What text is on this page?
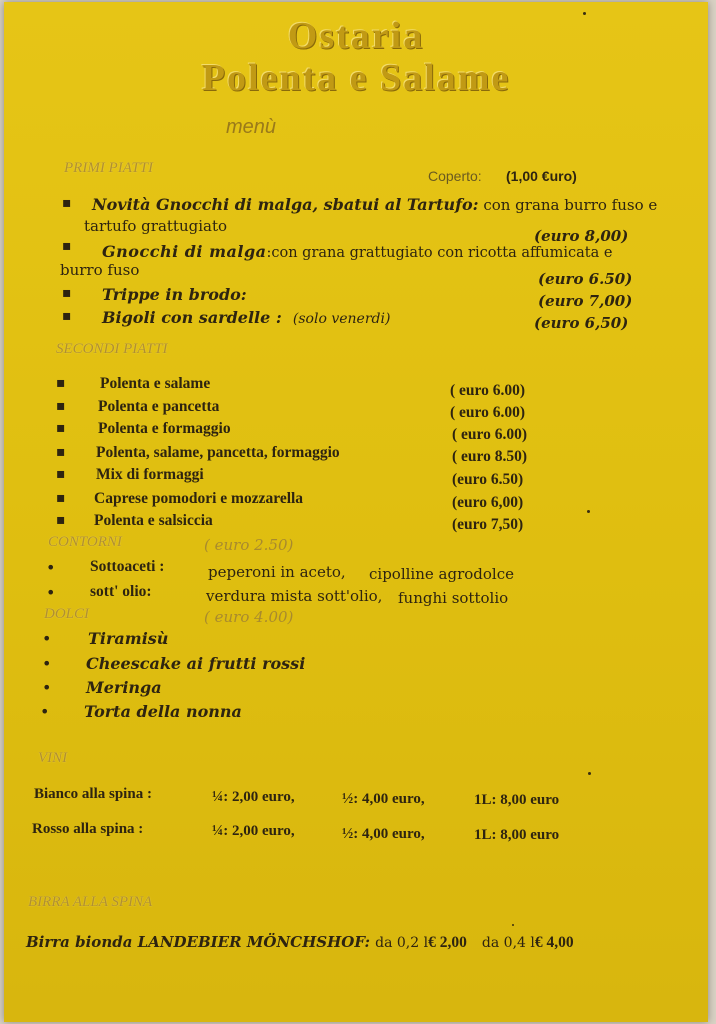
Ostaria
Polenta e Salame
menù
PRIMI PIATTI	Coperto: (1,00 €uro)
▪ Novità Gnocchi di malga, sbatui al Tartufo: con grana burro fuso e
tartufo grattugiato
(euro 8,00)
▪ Gnocchi di malga:con grana grattugiato con ricotta affumicata e
burro fuso	(euro 6.50)
▪ Trippe in brodo:	(euro 7,00)
▪ Bigoli con sardelle : (solo venerdi)	(euro 6,50)
SECONDI PIATTI
▪ Polenta e salame	( euro 6.00)
▪ Polenta e pancetta	( euro 6.00)
▪ Polenta e formaggio	( euro 6.00)
▪ Polenta, salame, pancetta, formaggio	( euro 8.50)
▪ Mix di formaggi	(euro 6.50)
▪ Caprese pomodori e mozzarella	(euro 6,00)
▪ Polenta e salsiccia	(euro 7,50)
CONTORNI	( euro 2.50)
• Sottoaceti :	peperoni in aceto, cipolline agrodolce
• sott' olio:	verdura mista sott'olio, funghi sottolio
DOLCI	( euro 4.00)
• Tiramisù
• Cheescake ai frutti rossi
• Meringa
• Torta della nonna
VINI
Bianco alla spina :	¼: 2,00 euro,	½: 4,00 euro,	1L: 8,00 euro
Rosso alla spina :	¼: 2,00 euro,	½: 4,00 euro,	1L: 8,00 euro
BIRRA ALLA SPINA
Birra bionda LANDEBIER MÖNCHSHOF: da 0,2 l€ 2,00 da 0,4 l€ 4,00
